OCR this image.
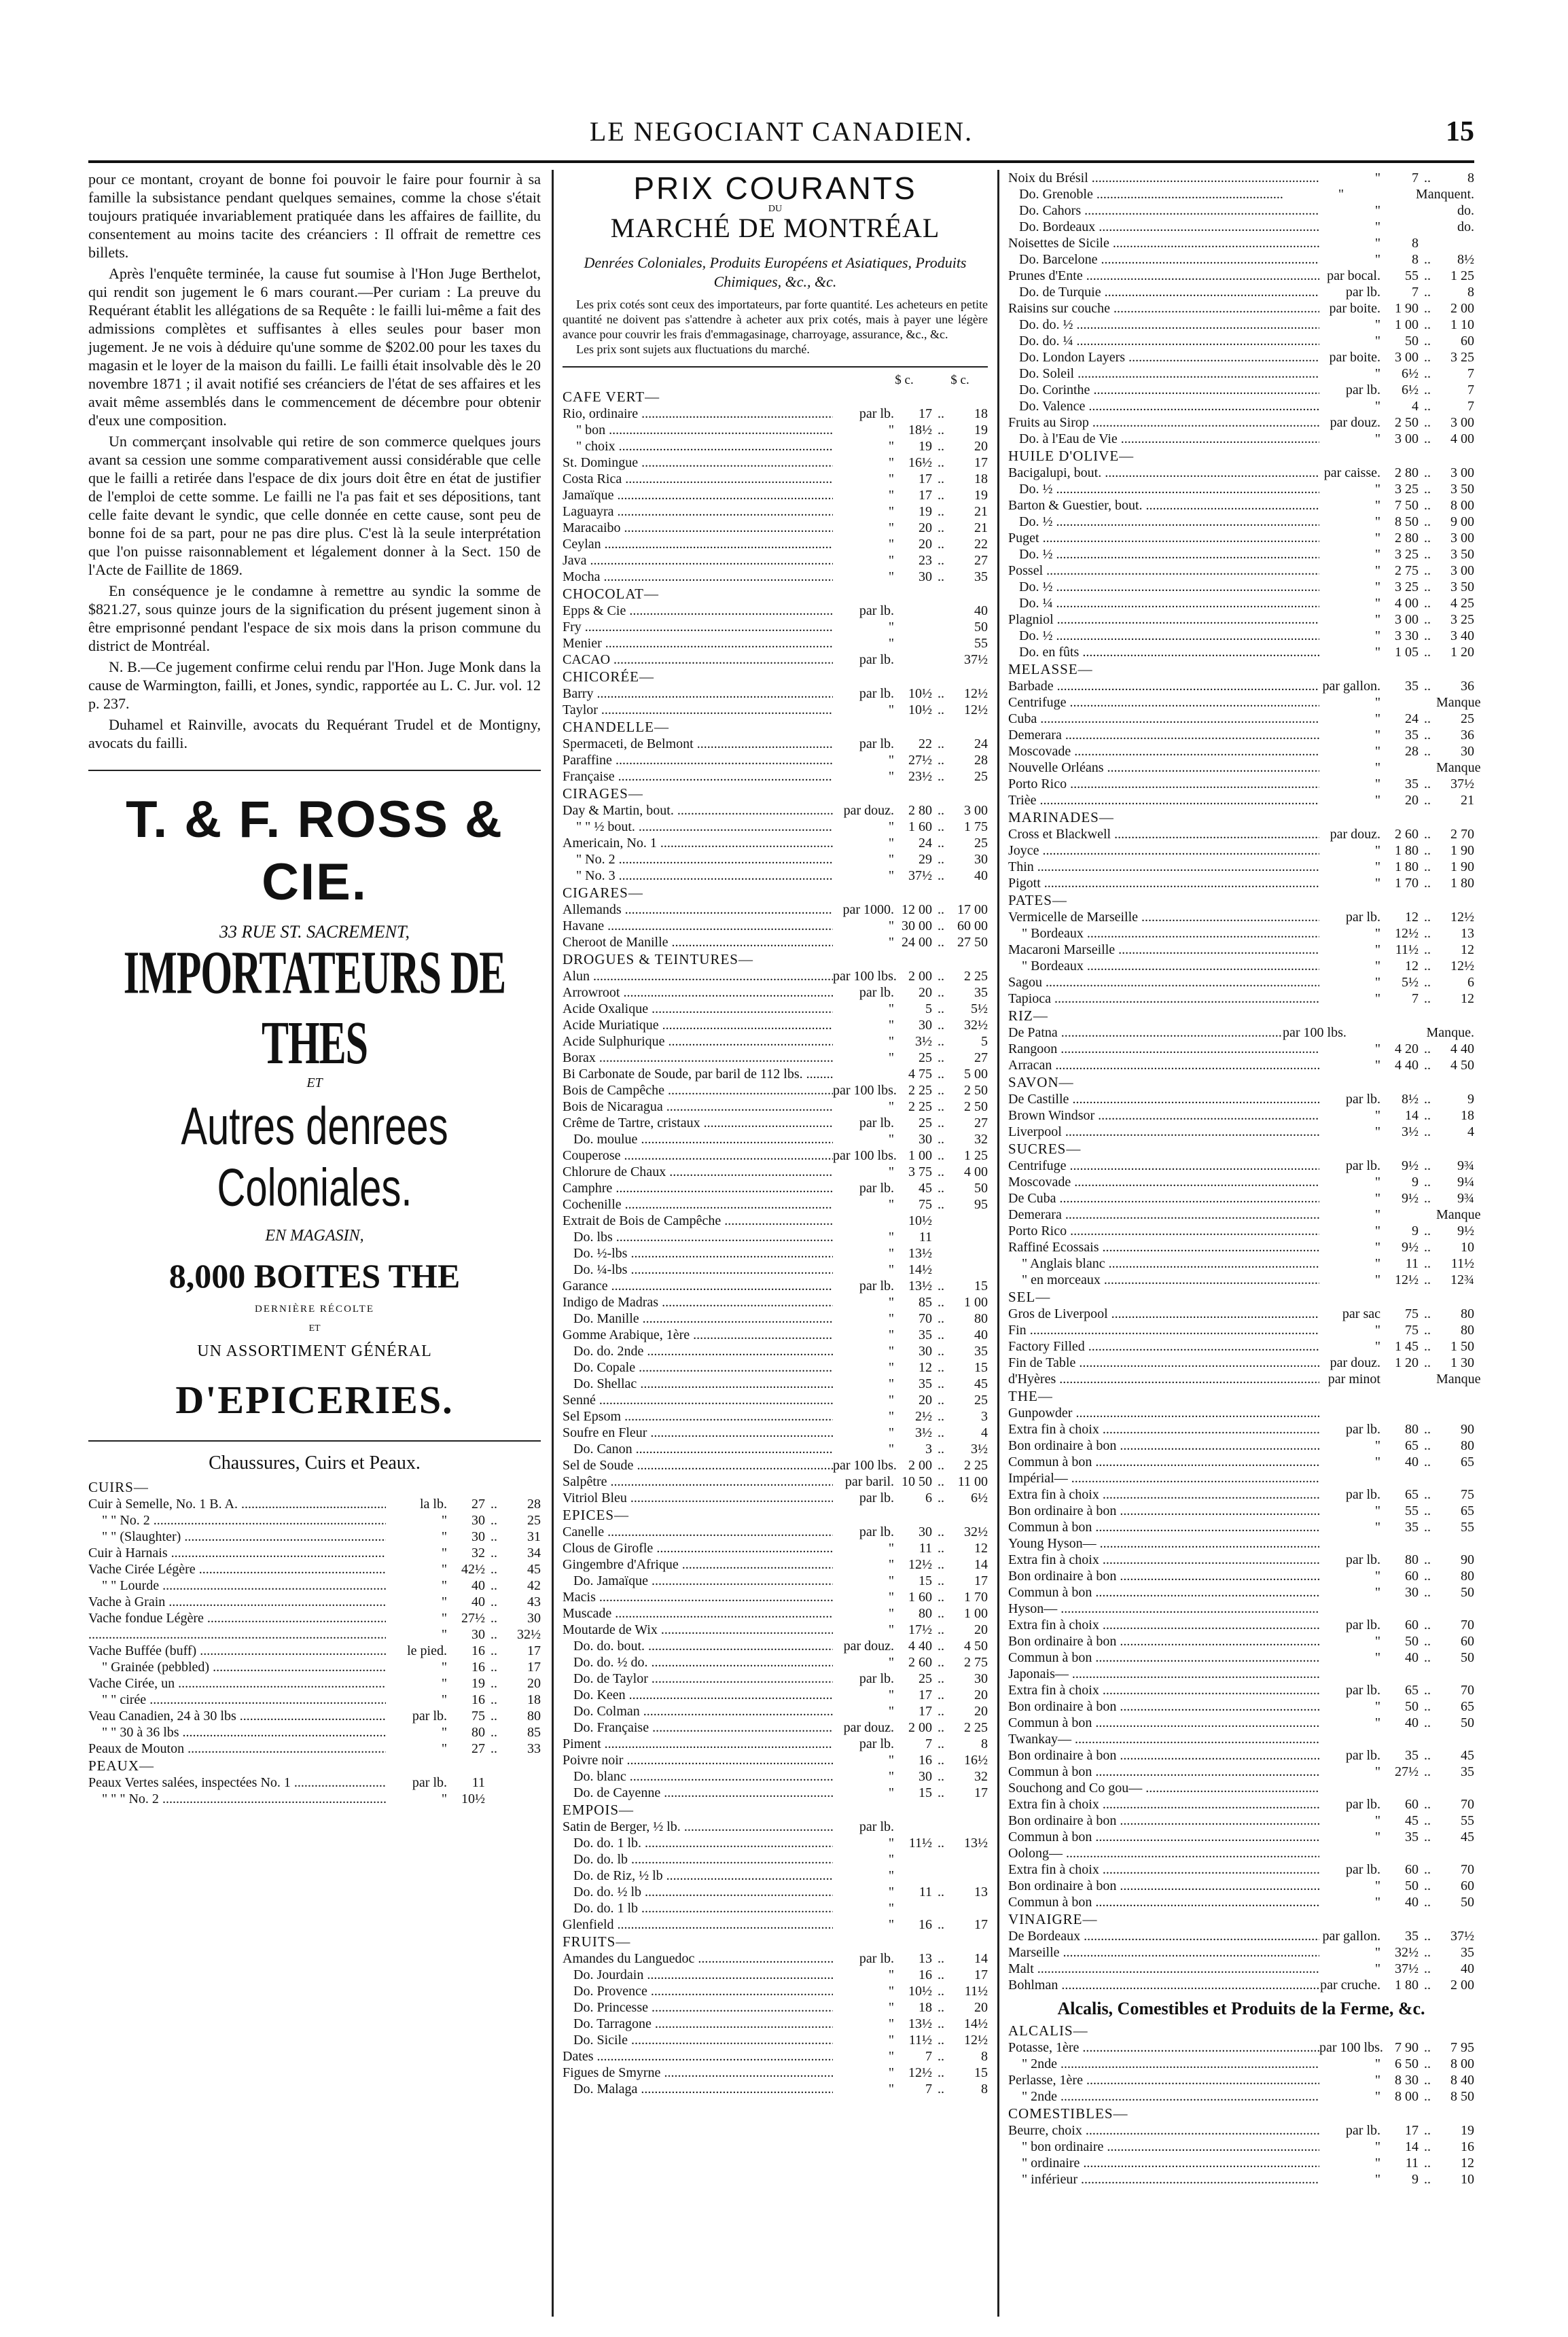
LE NEGOCIANT CANADIEN.	15

pour ce montant, croyant de bonne foi pouvoir le faire pour fournir à sa famille la subsistance pendant quelques semaines, comme la chose s'était toujours pratiquée invariablement pratiquée dans les affaires de faillite, du consentement au moins tacite des créanciers : Il offrait de remettre ces billets.

Après l'enquête terminée, la cause fut soumise à l'Hon Juge Berthelot, qui rendit son jugement le 6 mars courant.—Per curiam : La preuve du Requérant établit les allégations de sa Requête : le failli lui-même a fait des admissions complètes et suffisantes à elles seules pour baser mon jugement. Je ne vois à déduire qu'une somme de $202.00 pour les taxes du magasin et le loyer de la maison du failli. Le failli était insolvable dès le 20 novembre 1871 ; il avait notifié ses créanciers de l'état de ses affaires et les avait même assemblés dans le commencement de décembre pour obtenir d'eux une composition.

Un commerçant insolvable qui retire de son commerce quelques jours avant sa cession une somme comparativement aussi considérable que celle que le failli a retirée dans l'espace de dix jours doit être en état de justifier de l'emploi de cette somme. Le failli ne l'a pas fait et ses dépositions, tant celle faite devant le syndic, que celle donnée en cette cause, sont peu de bonne foi de sa part, pour ne pas dire plus. C'est là la seule interprétation que l'on puisse raisonnablement et légalement donner à la Sect. 150 de l'Acte de Faillite de 1869.

En conséquence je le condamne à remettre au syndic la somme de $821.27, sous quinze jours de la signification du présent jugement sinon à être emprisonné pendant l'espace de six mois dans la prison commune du district de Montréal.

N. B.—Ce jugement confirme celui rendu par l'Hon. Juge Monk dans la cause de Warmington, failli, et Jones, syndic, rapportée au L. C. Jur. vol. 12 p. 237.

Duhamel et Rainville, avocats du Requérant Trudel et de Montigny, avocats du failli.

T. & F. ROSS & CIE.
33 RUE ST. SACREMENT,
IMPORTATEURS DE THES
ET
Autres denrees Coloniales.
EN MAGASIN,
8,000 BOITES THE
DERNIÈRE RÉCOLTE
ET
UN ASSORTIMENT GÉNÉRAL
D'EPICERIES.
Chaussures, Cuirs et Peaux.
CUIRS—
Cuir à Semelle, No. 1 B. A. .....	la lb.	27 ..	28
" " No. 2 .....	"	30 ..	25
" " (Slaughter) .....	"	30 ..	31
Cuir à Harnais .....	"	32 ..	34
Vache Cirée Légère .....	"	42½ ..	45
" " Lourde .....	"	40 ..	42
Vache à Grain .....	"	40 ..	43
Vache fondue Légère .....	"	27½ ..	30
.....
"	30 ..	32½
Vache Buffée (buff) .....	le pied.	16 ..	17
" Grainée (pebbled) .....	"	16 ..	17
Vache Cirée, un .....	"	19 ..	20
" " cirée .....	"	16 ..	18
Veau Canadien, 24 à 30 lbs .....	par lb.	75 ..	80
" " 30 à 36 lbs .....	"	80 ..	85
Peaux de Mouton .....	"	27 ..	33
PEAUX—
Peaux Vertes salées, inspectées No. 1 .....	par lb.	11
" " " No. 2 .....	"	10½
PRIX COURANTS
DU
MARCHÉ DE MONTRÉAL
Denrées Coloniales, Produits Européens et Asiatiques, Produits Chimiques, &c., &c.
Les prix cotés sont ceux des importateurs, par forte quantité. Les acheteurs en petite quantité ne doivent pas s'attendre à acheter aux prix cotés, mais à payer une légère avance pour couvrir les frais d'emmagasinage, charroyage, assurance, &c., &c.
Les prix sont sujets aux fluctuations du marché.
$ c.	$ c.
CAFE VERT—
Rio, ordinaire .....	par lb.	17 ..	18
" bon .....	"	18½ ..	19
" choix .....	"	19 ..	20
St. Domingue .....	"	16½ ..	17
Costa Rica .....	"	17 ..	18
Jamaïque .....	"	17 ..	19
Laguayra .....	"	19 ..	21
Maracaibo .....	"	20 ..	21
Ceylan .....	"	20 ..	22
Java .....	"	23 ..	27
Mocha .....	"	30 ..	35
CHOCOLAT—
Epps & Cie .....	par lb.	40
Fry .....	"	50
Menier .....	"	55
CACAO .....	par lb.	37½
CHICORÉE—
Barry .....	par lb.	10½ ..	12½
Taylor .....	"	10½ ..	12½
CHANDELLE—
Spermaceti, de Belmont .....	par lb.	22 ..	24
Paraffine .....	"	27½ ..	28
Française .....	"	23½ ..	25
CIRAGES—
Day & Martin, bout. .....	par douz.	2 80 ..	3 00
" " ½ bout. .....	"	1 60 ..	1 75
Americain, No. 1 .....	"	24 ..	25
" No. 2 .....	"	29 ..	30
" No. 3 .....	"	37½ ..	40
CIGARES—
Allemands .....	par 1000. 12 00 .. 17 00
Havane .....	" 30 00 .. 60 00
Cheroot de Manille .....	" 24 00 .. 27 50
DROGUES & TEINTURES—
Alun .....	par 100 lbs. 2 00 ..	2 25
Arrowroot .....	par lb.	20 ..	35
Acide Oxalique .....	"	5 ..	5½
Acide Muriatique .....	"	30 ..	32½
Acide Sulphurique .....	"	3½ ..	5
Borax .....	"	25 ..	27
Bi Carbonate de Soude, par baril de 112 lbs. .....	4 75 ..	5 00
Bois de Campêche .....	par 100 lbs. 2 25 ..	2 50
Bois de Nicaragua .....	"	2 25 ..	2 50
Crême de Tartre, cristaux .....	par lb.	25 ..	27
Do. moulue .....	"	30 ..	32
Couperose .....	par 100 lbs. 1 00 ..	1 25
Chlorure de Chaux .....	"	3 75 ..	4 00
Camphre .....	par lb.	45 ..	50
Cochenille .....	"	75 ..	95
Extrait de Bois de Campêche .....	10½
Do. lbs .....	"	11
Do. ½-lbs .....	"	13½
Do. ¼-lbs .....	"	14½
Garance .....	par lb.	13½ ..	15
Indigo de Madras .....	"	85 ..	1 00
Do. Manille .....	"	70 ..	80
Gomme Arabique, 1ère .....	"	35 ..	40
Do. do. 2nde .....	"	30 ..	35
Do. Copale .....	"	12 ..	15
Do. Shellac .....	"	35 ..	45
Senné .....	"	20 ..	25
Sel Epsom .....	"	2½ ..	3
Soufre en Fleur .....	"	3½ ..	4
Do. Canon .....	"	3 ..	3½
Sel de Soude .....	par 100 lbs. 2 00 ..	2 25
Salpêtre .....	par baril. 10 50 .. 11 00
Vitriol Bleu .....	par lb.	6 ..	6½
EPICES—
Canelle .....	par lb.	30 ..	32½
Clous de Girofle .....	"	11 ..	12
Gingembre d'Afrique .....	"	12½ ..	14
Do. Jamaïque .....	"	15 ..	17
Macis .....	"	1 60 ..	1 70
Muscade .....	"	80 ..	1 00
Moutarde de Wix .....	"	17½ ..	20
Do. do. bout. .....	par douz.	4 40 ..	4 50
Do. do. ½ do. .....	"	2 60 ..	2 75
Do. de Taylor .....	par lb.	25 ..	30
Do. Keen .....	"	17 ..	20
Do. Colman .....	"	17 ..	20
Do. Française .....	par douz.	2 00 ..	2 25
Piment .....	par lb.	7 ..	8
Poivre noir .....	"	16 ..	16½
Do. blanc .....	"	30 ..	32
Do. de Cayenne .....	"	15 ..	17
EMPOIS—
Satin de Berger, ½ lb. .....	par lb.
Do. do. 1 lb. .....	"	11½ ..	13½
Do. do. lb .....	"
Do. de Riz, ½ lb .....	"
Do. do. ½ lb .....	"	11 ..	13
Do. do. 1 lb .....	"
Glenfield .....	"	16 ..	17
FRUITS—
Amandes du Languedoc .....	par lb.	13 ..	14
Do. Jourdain .....	"	16 ..	17
Do. Provence .....	"	10½ ..	11½
Do. Princesse .....	"	18 ..	20
Do. Tarragone .....	"	13½ ..	14½
Do. Sicile .....	"	11½ ..	12½
Dates .....	"	7 ..	8
Figues de Smyrne .....	"	12½ ..	15
Do. Malaga .....	"	7 ..	8
Noix du Brésil .....	"	7 ..	8
Do. Grenoble .....	"	Manquent.
Do. Cahors .....	"	do.
Do. Bordeaux .....	"	do.
Noisettes de Sicile .....	"	8
Do. Barcelone .....	"	8 ..	8½
Prunes d'Ente .....	par bocal.	55 ..	1 25
Do. de Turquie .....	par lb.	7 ..	8
Raisins sur couche .....	par boite.	1 90 ..	2 00
Do. do. ½ .....	"	1 00 ..	1 10
Do. do. ¼ .....	"	50 ..	60
Do. London Layers .....	par boite.	3 00 ..	3 25
Do. Soleil .....	"	6½ ..	7
Do. Corinthe .....	par lb.	6½ ..	7
Do. Valence .....	"	4 ..	7
Fruits au Sirop .....	par douz.	2 50 ..	3 00
Do. à l'Eau de Vie .....	"	3 00 ..	4 00
HUILE D'OLIVE—
Bacigalupi, bout. .....	par caisse.	2 80 ..	3 00
Do. ½ .....	"	3 25 ..	3 50
Barton & Guestier, bout. .....	"	7 50 ..	8 00
Do. ½ .....	"	8 50 ..	9 00
Puget .....	"	2 80 ..	3 00
Do. ½ .....	"	3 25 ..	3 50
Possel .....	"	2 75 ..	3 00
Do. ½ .....	"	3 25 ..	3 50
Do. ¼ .....	"	4 00 ..	4 25
Plagniol .....	"	3 00 ..	3 25
Do. ½ .....	"	3 30 ..	3 40
Do. en fûts .....	"	1 05 ..	1 20
MELASSE—
Barbade .....	par gallon.	35 ..	36
Centrifuge .....	"	Manque
Cuba .....	"	24 ..	25
Demerara .....	"	35 ..	36
Moscovade .....	"	28 ..	30
Nouvelle Orléans .....	"	Manque
Porto Rico .....	"	35 ..	37½
Trièe .....	"	20 ..	21
MARINADES—
Cross et Blackwell .....	par douz.	2 60 ..	2 70
Joyce .....	"	1 80 ..	1 90
Thin .....	"	1 80 ..	1 90
Pigott .....	"	1 70 ..	1 80
PATES—
Vermicelle de Marseille .....	par lb.	12 ..	12½
" Bordeaux .....	"	12½ ..	13
Macaroni Marseille .....	"	11½ ..	12
" Bordeaux .....	"	12 ..	12½
Sagou .....	"	5½ ..	6
Tapioca .....	"	7 ..	12
RIZ—
De Patna .....	par 100 lbs.	Manque.
Rangoon .....	"	4 20 ..	4 40
Arracan .....	"	4 40 ..	4 50
SAVON—
De Castille .....	par lb.	8½ ..	9
Brown Windsor .....	"	14 ..	18
Liverpool .....	"	3½ ..	4
SUCRES—
Centrifuge .....	par lb.	9½ ..	9¾
Moscovade .....	"	9 ..	9¼
De Cuba .....	"	9½ ..	9¾
Demerara .....	"	Manque
Porto Rico .....	"	9 ..	9½
Raffiné Ecossais .....	"	9½ ..	10
" Anglais blanc .....	"	11 ..	11½
" en morceaux .....	"	12½ ..	12¾
SEL—
Gros de Liverpool .....	par sac	75 ..	80
Fin .....	"	75 ..	80
Factory Filled .....	"	1 45 ..	1 50
Fin de Table .....	par douz.	1 20 ..	1 30
d'Hyères .....	par minot	Manque
THE—
Gunpowder .....
Extra fin à choix .....	par lb.	80 ..	90
Bon ordinaire à bon .....	"	65 ..	80
Commun à bon .....	"	40 ..	65
Impérial— .....
Extra fin à choix .....	par lb.	65 ..	75
Bon ordinaire à bon .....	"	55 ..	65
Commun à bon .....	"	35 ..	55
Young Hyson— .....
Extra fin à choix .....	par lb.	80 ..	90
Bon ordinaire à bon .....	"	60 ..	80
Commun à bon .....	"	30 ..	50
Hyson— .....
Extra fin à choix .....	par lb.	60 ..	70
Bon ordinaire à bon .....	"	50 ..	60
Commun à bon .....	"	40 ..	50
Japonais— .....
Extra fin à choix .....	par lb.	65 ..	70
Bon ordinaire à bon .....	"	50 ..	65
Commun à bon .....	"	40 ..	50
Twankay— .....
Bon ordinaire à bon .....	par lb.	35 ..	45
Commun à bon .....	"	27½ ..	35
Souchong and Co gou— .....
Extra fin à choix .....	par lb.	60 ..	70
Bon ordinaire à bon .....	"	45 ..	55
Commun à bon .....	"	35 ..	45
Oolong— .....
Extra fin à choix .....	par lb.	60 ..	70
Bon ordinaire à bon .....	"	50 ..	60
Commun à bon .....	"	40 ..	50
VINAIGRE—
De Bordeaux .....	par gallon.	35 ..	37½
Marseille .....	"	32½ ..	35
Malt .....	"	37½ ..	40
Bohlman .....	par cruche.	1 80 ..	2 00
Alcalis, Comestibles et Produits de la Ferme, &c.
ALCALIS—
Potasse, 1ère .....	par 100 lbs. 7 90 ..	7 95
" 2nde .....	"	6 50 ..	8 00
Perlasse, 1ère .....	"	8 30 ..	8 40
" 2nde .....	"	8 00 ..	8 50
COMESTIBLES—
Beurre, choix .....	par lb.	17 ..	19
" bon ordinaire .....	"	14 ..	16
" ordinaire .....	"	11 ..	12
" inférieur .....	"	9 ..	10
